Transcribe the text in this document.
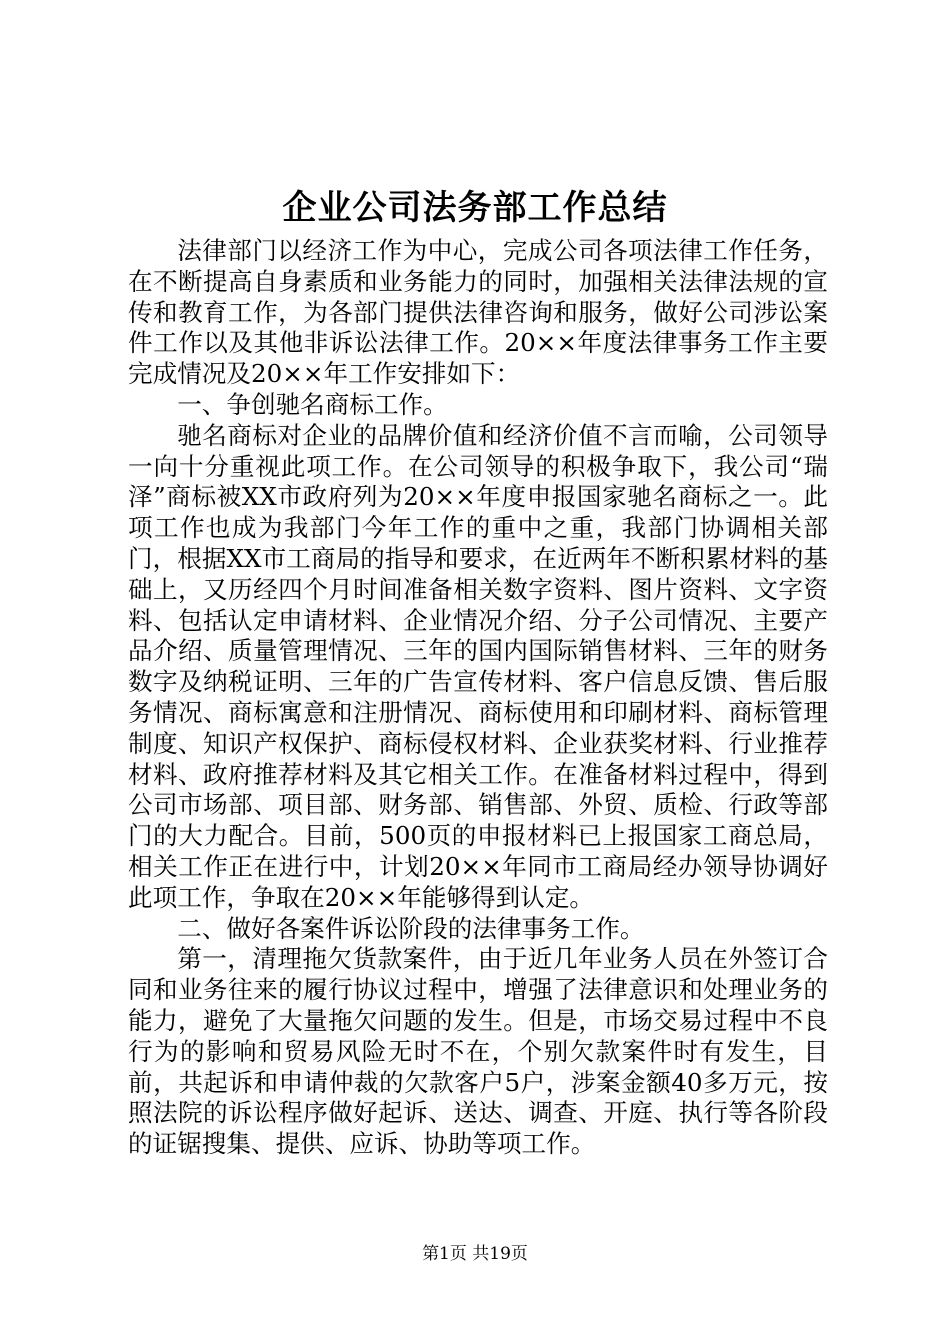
企业公司法务部工作总结

法律部门以经济工作为中心，完成公司各项法律工作任务，在不断提高自身素质和业务能力的同时，加强相关法律法规的宣传和教育工作，为各部门提供法律咨询和服务，做好公司涉讼案件工作以及其他非诉讼法律工作。20××年度法律事务工作主要完成情况及20××年工作安排如下：

一、争创驰名商标工作。

驰名商标对企业的品牌价值和经济价值不言而喻，公司领导一向十分重视此项工作。在公司领导的积极争取下，我公司“瑞泽”商标被XX市政府列为20××年度申报国家驰名商标之一。此项工作也成为我部门今年工作的重中之重，我部门协调相关部门，根据XX市工商局的指导和要求，在近两年不断积累材料的基础上，又历经四个月时间准备相关数字资料、图片资料、文字资料、包括认定申请材料、企业情况介绍、分子公司情况、主要产品介绍、质量管理情况、三年的国内国际销售材料、三年的财务数字及纳税证明、三年的广告宣传材料、客户信息反馈、售后服务情况、商标寓意和注册情况、商标使用和印刷材料、商标管理制度、知识产权保护、商标侵权材料、企业获奖材料、行业推荐材料、政府推荐材料及其它相关工作。在准备材料过程中，得到公司市场部、项目部、财务部、销售部、外贸、质检、行政等部门的大力配合。目前，500页的申报材料已上报国家工商总局，相关工作正在进行中，计划20××年同市工商局经办领导协调好此项工作，争取在20××年能够得到认定。

二、做好各案件诉讼阶段的法律事务工作。

第一，清理拖欠货款案件，由于近几年业务人员在外签订合同和业务往来的履行协议过程中，增强了法律意识和处理业务的能力，避免了大量拖欠问题的发生。但是，市场交易过程中不良行为的影响和贸易风险无时不在，个别欠款案件时有发生，目前，共起诉和申请仲裁的欠款客户5户，涉案金额40多万元，按照法院的诉讼程序做好起诉、送达、调查、开庭、执行等各阶段的证锯搜集、提供、应诉、协助等项工作。

第1页 共19页
